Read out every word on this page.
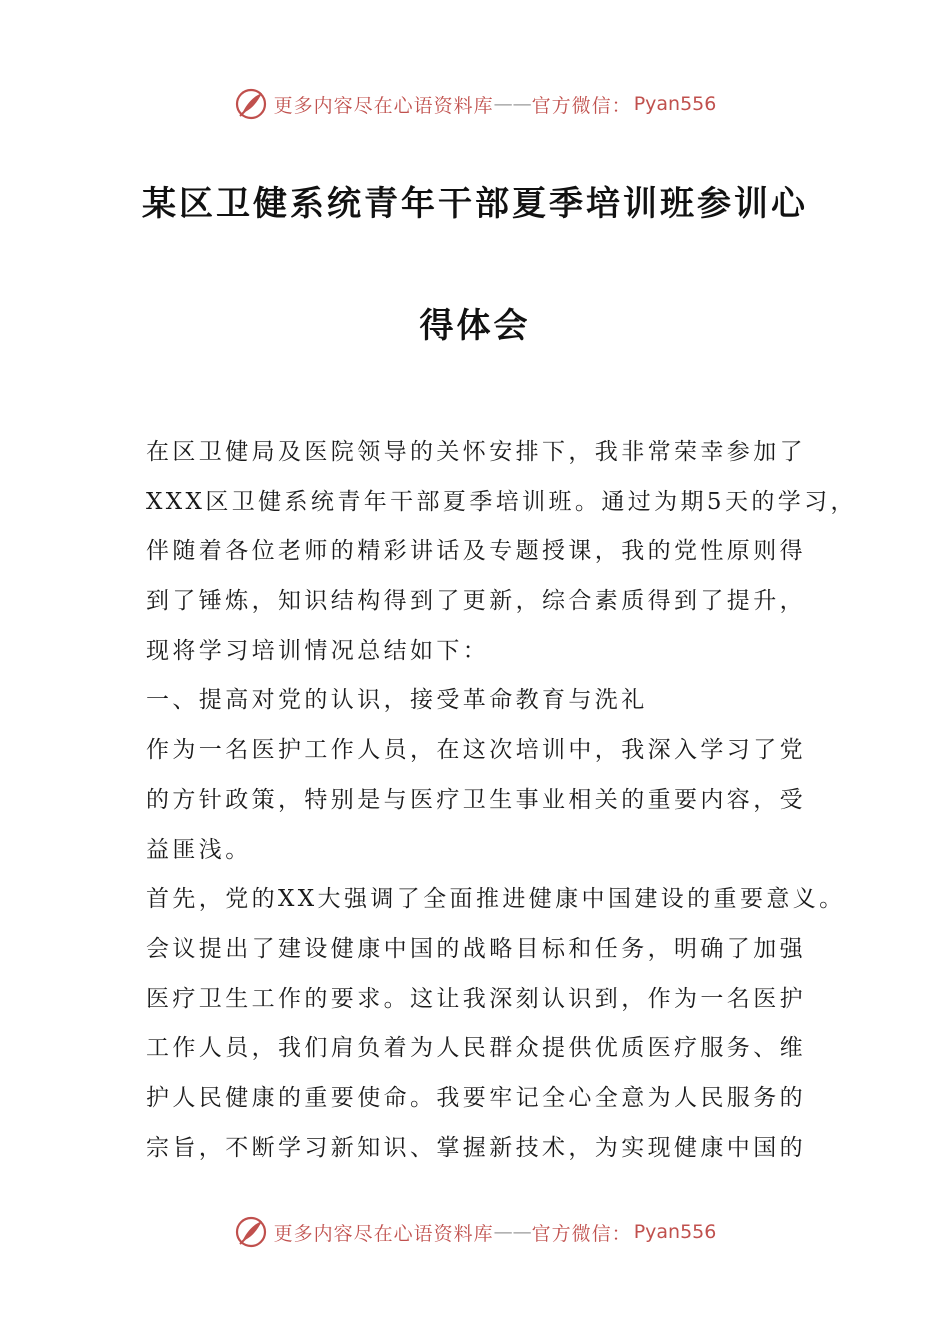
更多内容尽在心语资料库 —— 官方微信： Pyan556
某区卫健系统青年干部夏季培训班参训心
得体会
在区卫健局及医院领导的关怀安排下，我非常荣幸参加了
XXX区卫健系统青年干部夏季培训班。通过为期5天的学习，
伴随着各位老师的精彩讲话及专题授课，我的党性原则得
到了锤炼，知识结构得到了更新，综合素质得到了提升，
现将学习培训情况总结如下：
一、提高对党的认识，接受革命教育与洗礼
作为一名医护工作人员，在这次培训中，我深入学习了党
的方针政策，特别是与医疗卫生事业相关的重要内容，受
益匪浅。
首先，党的XX大强调了全面推进健康中国建设的重要意义。
会议提出了建设健康中国的战略目标和任务，明确了加强
医疗卫生工作的要求。这让我深刻认识到，作为一名医护
工作人员，我们肩负着为人民群众提供优质医疗服务、维
护人民健康的重要使命。我要牢记全心全意为人民服务的
宗旨，不断学习新知识、掌握新技术，为实现健康中国的
更多内容尽在心语资料库 —— 官方微信： Pyan556
